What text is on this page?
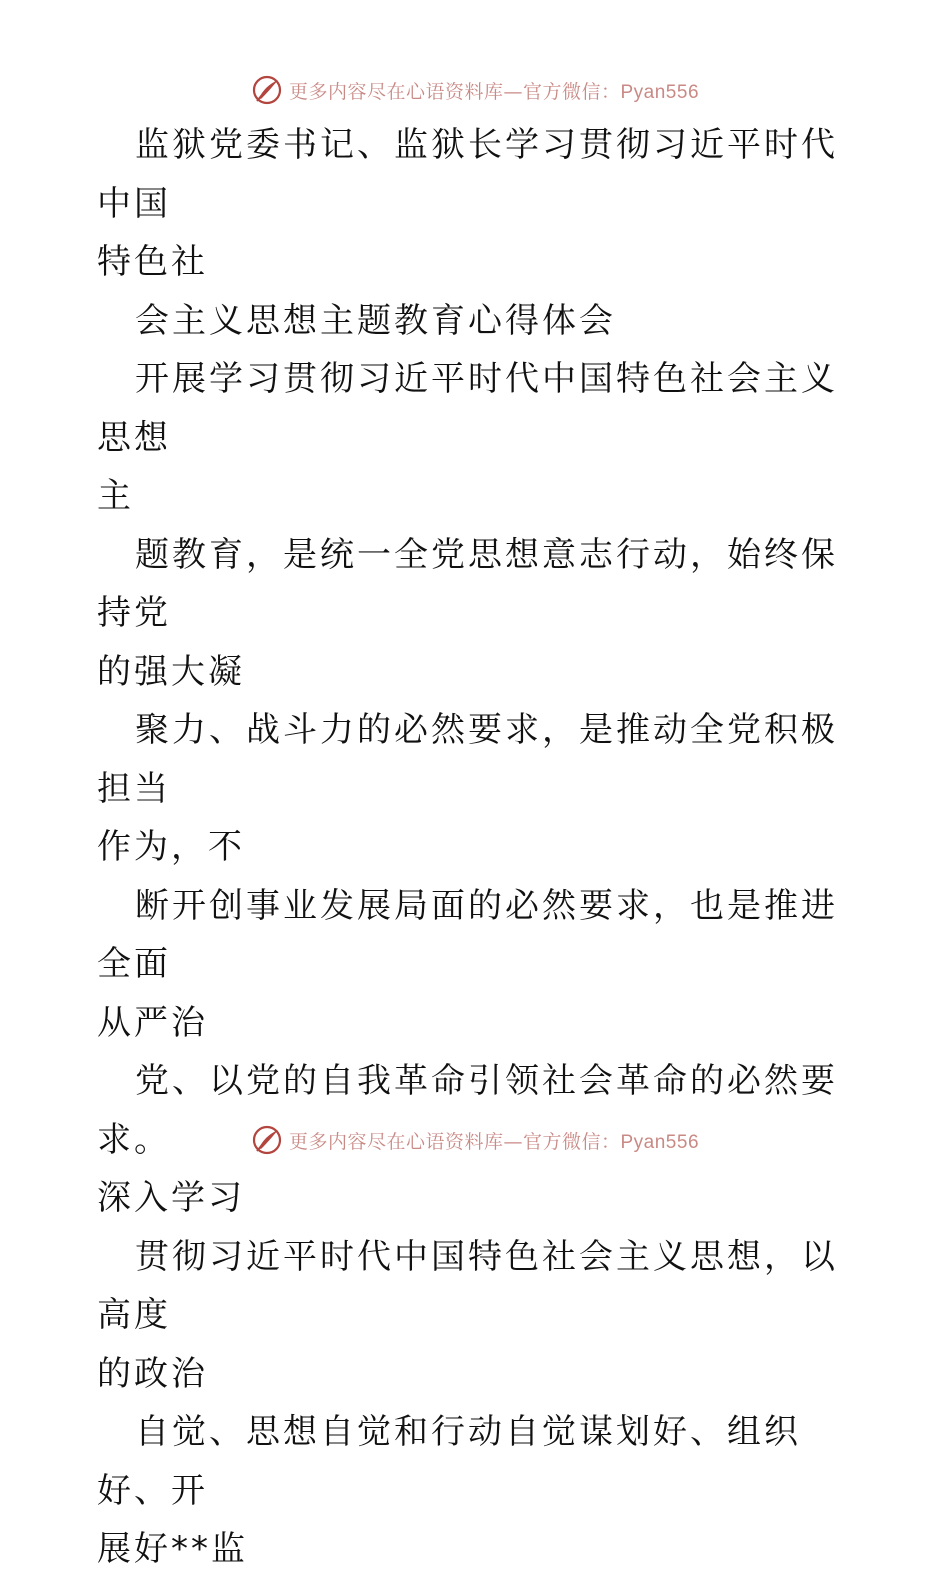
更多内容尽在心语资料库—官方微信：Pyan556

监狱党委书记、监狱长学习贯彻习近平时代中国
特色社

会主义思想主题教育心得体会

开展学习贯彻习近平时代中国特色社会主义思想
主

题教育，是统一全党思想意志行动，始终保持党
的强大凝

聚力、战斗力的必然要求，是推动全党积极担当
作为，不

断开创事业发展局面的必然要求，也是推进全面
从严治

党、以党的自我革命引领社会革命的必然要求。
深入学习

贯彻习近平时代中国特色社会主义思想，以高度
的政治

自觉、思想自觉和行动自觉谋划好、组织好、开
展好**监

更多内容尽在心语资料库—官方微信：Pyan556
